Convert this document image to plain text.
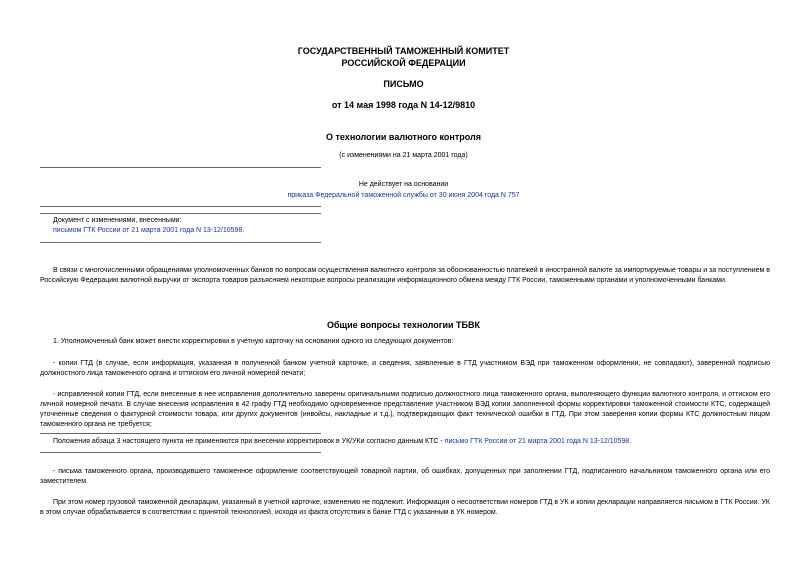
ГОСУДАРСТВЕННЫЙ ТАМОЖЕННЫЙ КОМИТЕТ
РОССИЙСКОЙ ФЕДЕРАЦИИ
ПИСЬМО
от 14 мая 1998 года N 14-12/9810
О технологии валютного контроля
(с изменениями на 21 марта 2001 года)
Не действует на основании
приказа Федеральной таможенной службы от 30 июня 2004 года N 757
Документ с изменениями, внесенными:
письмом ГТК России от 21 марта 2001 года N 13-12/10598.
В связи с многочисленными обращениями уполномоченных банков по вопросам осуществления валютного контроля за обоснованностью платежей в иностранной валюте за импортируемые товары и за поступлением в Российскую Федерацию валютной выручки от экспорта товаров разъясняем некоторые вопросы реализации информационного обмена между ГТК России, таможенными органами и уполномоченными банками.
Общие вопросы технологии ТБВК
1. Уполномоченный банк может внести корректировки в учетную карточку на основании одного из следующих документов:
- копии ГТД (в случае, если информация, указанная в полученной банком учетной карточке, и сведения, заявленные в ГТД участником ВЭД при таможенном оформлении, не совпадают), заверенной подписью должностного лица таможенного органа и оттиском его личной номерной печати;
- исправленной копии ГТД, если внесенные в нее исправления дополнительно заверены оригинальными подписью должностного лица таможенного органа, выполняющего функции валютного контроля, и оттиском его личной номерной печати. В случае внесения исправления в 42 графу ГТД необходимо одновременное представление участником ВЭД копии заполненной формы корректировки таможенной стоимости КТС, содержащей уточненные сведения о фактурной стоимости товара, или других документов (инвойсы, накладные и т.д.), подтверждающих факт технической ошибки в ГТД. При этом заверения копии формы КТС должностным лицом таможенного органа не требуется;
Положения абзаца 3 настоящего пункта не применяются при внесении корректировок в УК/УКи согласно данным КТС - письмо ГТК России от 21 марта 2001 года N 13-12/10598.
- письма таможенного органа, производившего таможенное оформление соответствующей товарной партии, об ошибках, допущенных при заполнении ГТД, подписанного начальником таможенного органа или его заместителем.
При этом номер грузовой таможенной декларации, указанный в учетной карточке, изменению не подлежит. Информация о несоответствии номеров ГТД в УК и копии декларации направляется письмом в ГТК России. УК в этом случае обрабатывается в соответствии с принятой технологией, исходя из факта отсутствия в банке ГТД с указанным в УК номером.
